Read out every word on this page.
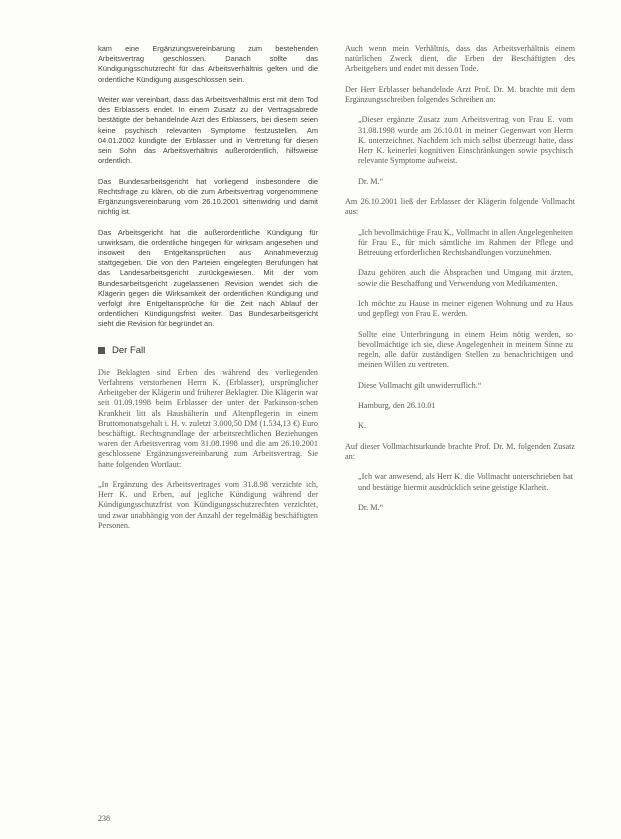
kam eine Ergänzungsvereinbarung zum bestehenden Arbeitsvertrag geschlossen. Danach sollte das Kündigungsschutzrecht für das Arbeitsverhältnis gelten und die ordentliche Kündigung ausgeschlossen sein.

Weiter war vereinbart, dass das Arbeitsverhältnis erst mit dem Tod des Erblassers endet. In einem Zusatz zu der Vertragsabrede bestätigte der behandelnde Arzt des Erblassers, bei diesem seien keine psychisch relevanten Symptome festzustellen. Am 04.01.2002 kündigte der Erblasser und in Vertretung für diesen sein Sohn das Arbeitsverhältnis außerordentlich, hilfsweise ordentlich.

Das Bundesarbeitsgericht hat vorliegend insbesondere die Rechtsfrage zu klären, ob die zum Arbeitsvertrag vorgenommene Ergänzungsvereinbarung vom 26.10.2001 sittenwidrig und damit nichtig ist.

Das Arbeitsgericht hat die außerordentliche Kündigung für unwirksam, die ordentliche hingegen für wirksam angesehen und insoweit den Entgeltansprüchen aus Annahmeverzug stattgegeben. Die von den Parteien eingelegten Berufungen hat das Landesarbeitsgericht zurückgewiesen. Mit der vom Bundesarbeitsgericht zugelassenen Revision wendet sich die Klägerin gegen die Wirksamkeit der ordentlichen Kündigung und verfolgt ihre Entgeltansprüche für die Zeit nach Ablauf der ordentlichen Kündigungsfrist weiter. Das Bundesarbeitsgericht sieht die Revision für begründet an.

Der Fall

Die Beklagten sind Erben des während des vorliegenden Verfahrens verstorbenen Herrn K. (Erblasser), ursprünglicher Arbeitgeber der Klägerin und früherer Beklagter. Die Klägerin war seit 01.09.1998 beim Erblasser der unter der Parkinson-schen Krankheit litt als Haushälterin und Altenpflegerin in einem Bruttomonatsgehalt i. H. v. zuletzt 3.000,50 DM (1.534,13 €) Euro beschäftigt. Rechtsgrundlage der arbeitsrechtlichen Beziehungen waren der Arbeitsvertrag vom 31.08.1998 und die am 26.10.2001 geschlossene Ergänzungsvereinbarung zum Arbeitsvertrag. Sie hatte folgenden Wortlaut:

„In Ergänzung des Arbeitsvertrages vom 31.8.98 verzichte ich, Herr K. und Erben, auf jegliche Kündigung während der Kündigungsschutzfrist von Kündigungsschutzrechten verzichtet, und zwar unabhängig von der Anzahl der regelmäßig beschäftigten Personen.

Auch wenn mein Verhältnis, dass das Arbeitsverhältnis einem natürlichen Zweck dient, die Erben der Beschäftigten des Arbeitgebers und endet mit dessen Tode.

Der Herr Erblasser behandelnde Arzt Prof. Dr. M. brachte mit dem Ergänzungsschreiben folgendes Schreiben an:

„Dieser ergänzte Zusatz zum Arbeitsvertrag von Frau E. vom 31.08.1998 wurde am 26.10.01 in meiner Gegenwart von Herrn K. unterzeichnet. Nachdem ich mich selbst überzeugt hatte, dass Herr K. keinerlei kognitiven Einschränkungen sowie psychisch relevante Symptome aufweist.

Dr. M.“

Am 26.10.2001 ließ der Erblasser der Klägerin folgende Vollmacht aus:

„Ich bevollmächtige Frau K., Vollmacht in allen Angelegenheiten für Frau E., für mich sämtliche im Rahmen der Pflege und Betreuung erforderlichen Rechtshandlungen vorzunehmen.

Dazu gehören auch die Absprachen und Umgang mit ärzten, sowie die Beschaffung und Verwendung von Medikamenten.

Ich möchte zu Hause in meiner eigenen Wohnung und zu Haus und gepflegt von Frau E. werden.

Sollte eine Unterbringung in einem Heim nötig werden, so bevollmächtige ich sie, diese Angelegenheit in meinem Sinne zu regeln, alle dafür zuständigen Stellen zu benachrichtigen und meinen Willen zu vertreten.

Diese Vollmacht gilt unwiderruflich.“

Hamburg, den 26.10.01

K.

Auf dieser Vollmachtsurkunde brachte Prof. Dr. M. folgenden Zusatz an:

„Ich war anwesend, als Herr K. die Vollmacht unterschrieben hat und bestätige hiermit ausdrücklich seine geistige Klarheit.

Dr. M.“

238
